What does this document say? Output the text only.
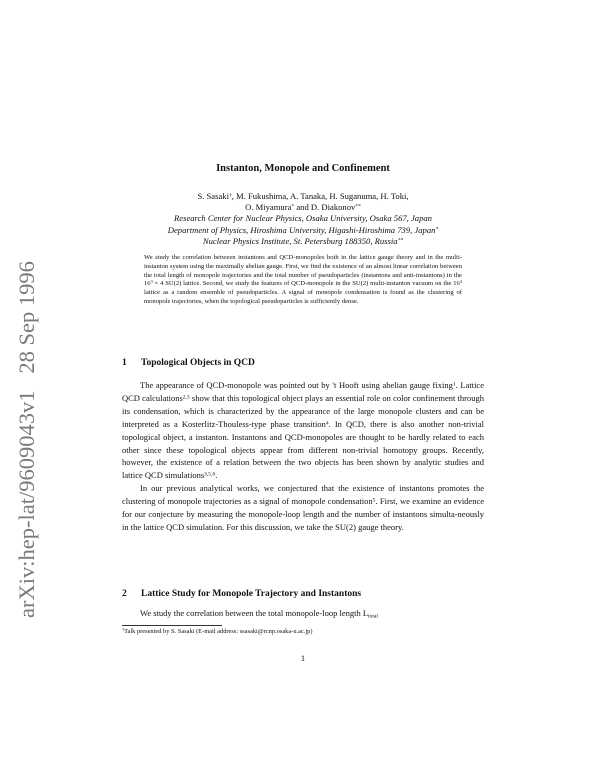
arXiv:hep-lat/9609043v1   28 Sep 1996
Instanton, Monopole and Confinement
S. Sasaki†, M. Fukushima, A. Tanaka, H. Suganuma, H. Toki,
O. Miyamura* and D. Diakonov**
Research Center for Nuclear Physics, Osaka University, Osaka 567, Japan
Department of Physics, Hiroshima University, Higashi-Hiroshima 739, Japan*
Nuclear Physics Institute, St. Petersburg 188350, Russia**
We study the correlation between instantons and QCD-monopoles both in the lattice gauge theory and in the multi-instanton system using the maximally abelian gauge. First, we find the existence of an almost linear correlation between the total length of monopole trajectories and the total number of pseudoparticles (instantons and anti-instantons) in the $16^3 \times 4$ SU(2) lattice. Second, we study the features of QCD-monopole in the SU(2) multi-instanton vacuum on the $16^4$ lattice as a random ensemble of pseudoparticles. A signal of monopole condensation is found as the clustering of monopole trajectories, when the topological pseudoparticles is sufficiently dense.
1 Topological Objects in QCD

The appearance of QCD-monopole was pointed out by 't Hooft using abelian gauge fixing$^1$. Lattice QCD calculations$^{2,3}$ show that this topological object plays an essential role on color confinement through its condensation, which is characterized by the appearance of the large monopole clusters and can be interpreted as a Kosterlitz-Thouless-type phase transition$^4$. In QCD, there is also another non-trivial topological object, a instanton. Instantons and QCD-monopoles are thought to be hardly related to each other since these topological objects appear from different non-trivial homotopy groups. Recently, however, the existence of a relation between the two objects has been shown by analytic studies and lattice QCD simulations$^{3,5,6}$.

In our previous analytical works, we conjectured that the existence of instantons promotes the clustering of monopole trajectories as a signal of monopole condensation$^5$. First, we examine an evidence for our conjecture by measuring the monopole-loop length and the number of instantons simulta-neously in the lattice QCD simulation. For this discussion, we take the SU(2) gauge theory.

2 Lattice Study for Monopole Trajectory and Instantons

We study the correlation between the total monopole-loop length $L_{total}$

†Talk presented by S. Sasaki (E-mail address: ssasaki@rcnp.osaka-u.ac.jp)
1
